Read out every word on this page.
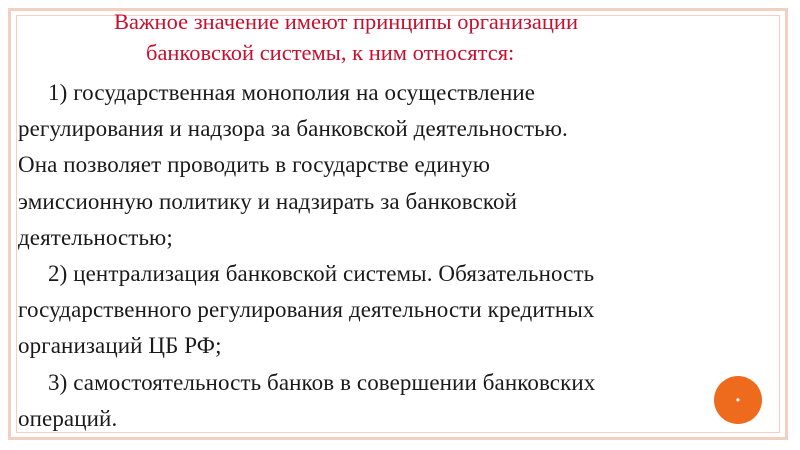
Важное значение имеют принципы организации
банковской системы, к ним относятся:

1) государственная монополия на осуществление
регулирования и надзора за банковской деятельностью.
Она позволяет проводить в государстве единую
эмиссионную политику и надзирать за банковской
деятельностью;
2) централизация банковской системы. Обязательность
государственного регулирования деятельности кредитных
организаций ЦБ РФ;
3) самостоятельность банков в совершении банковских
операций.

•
